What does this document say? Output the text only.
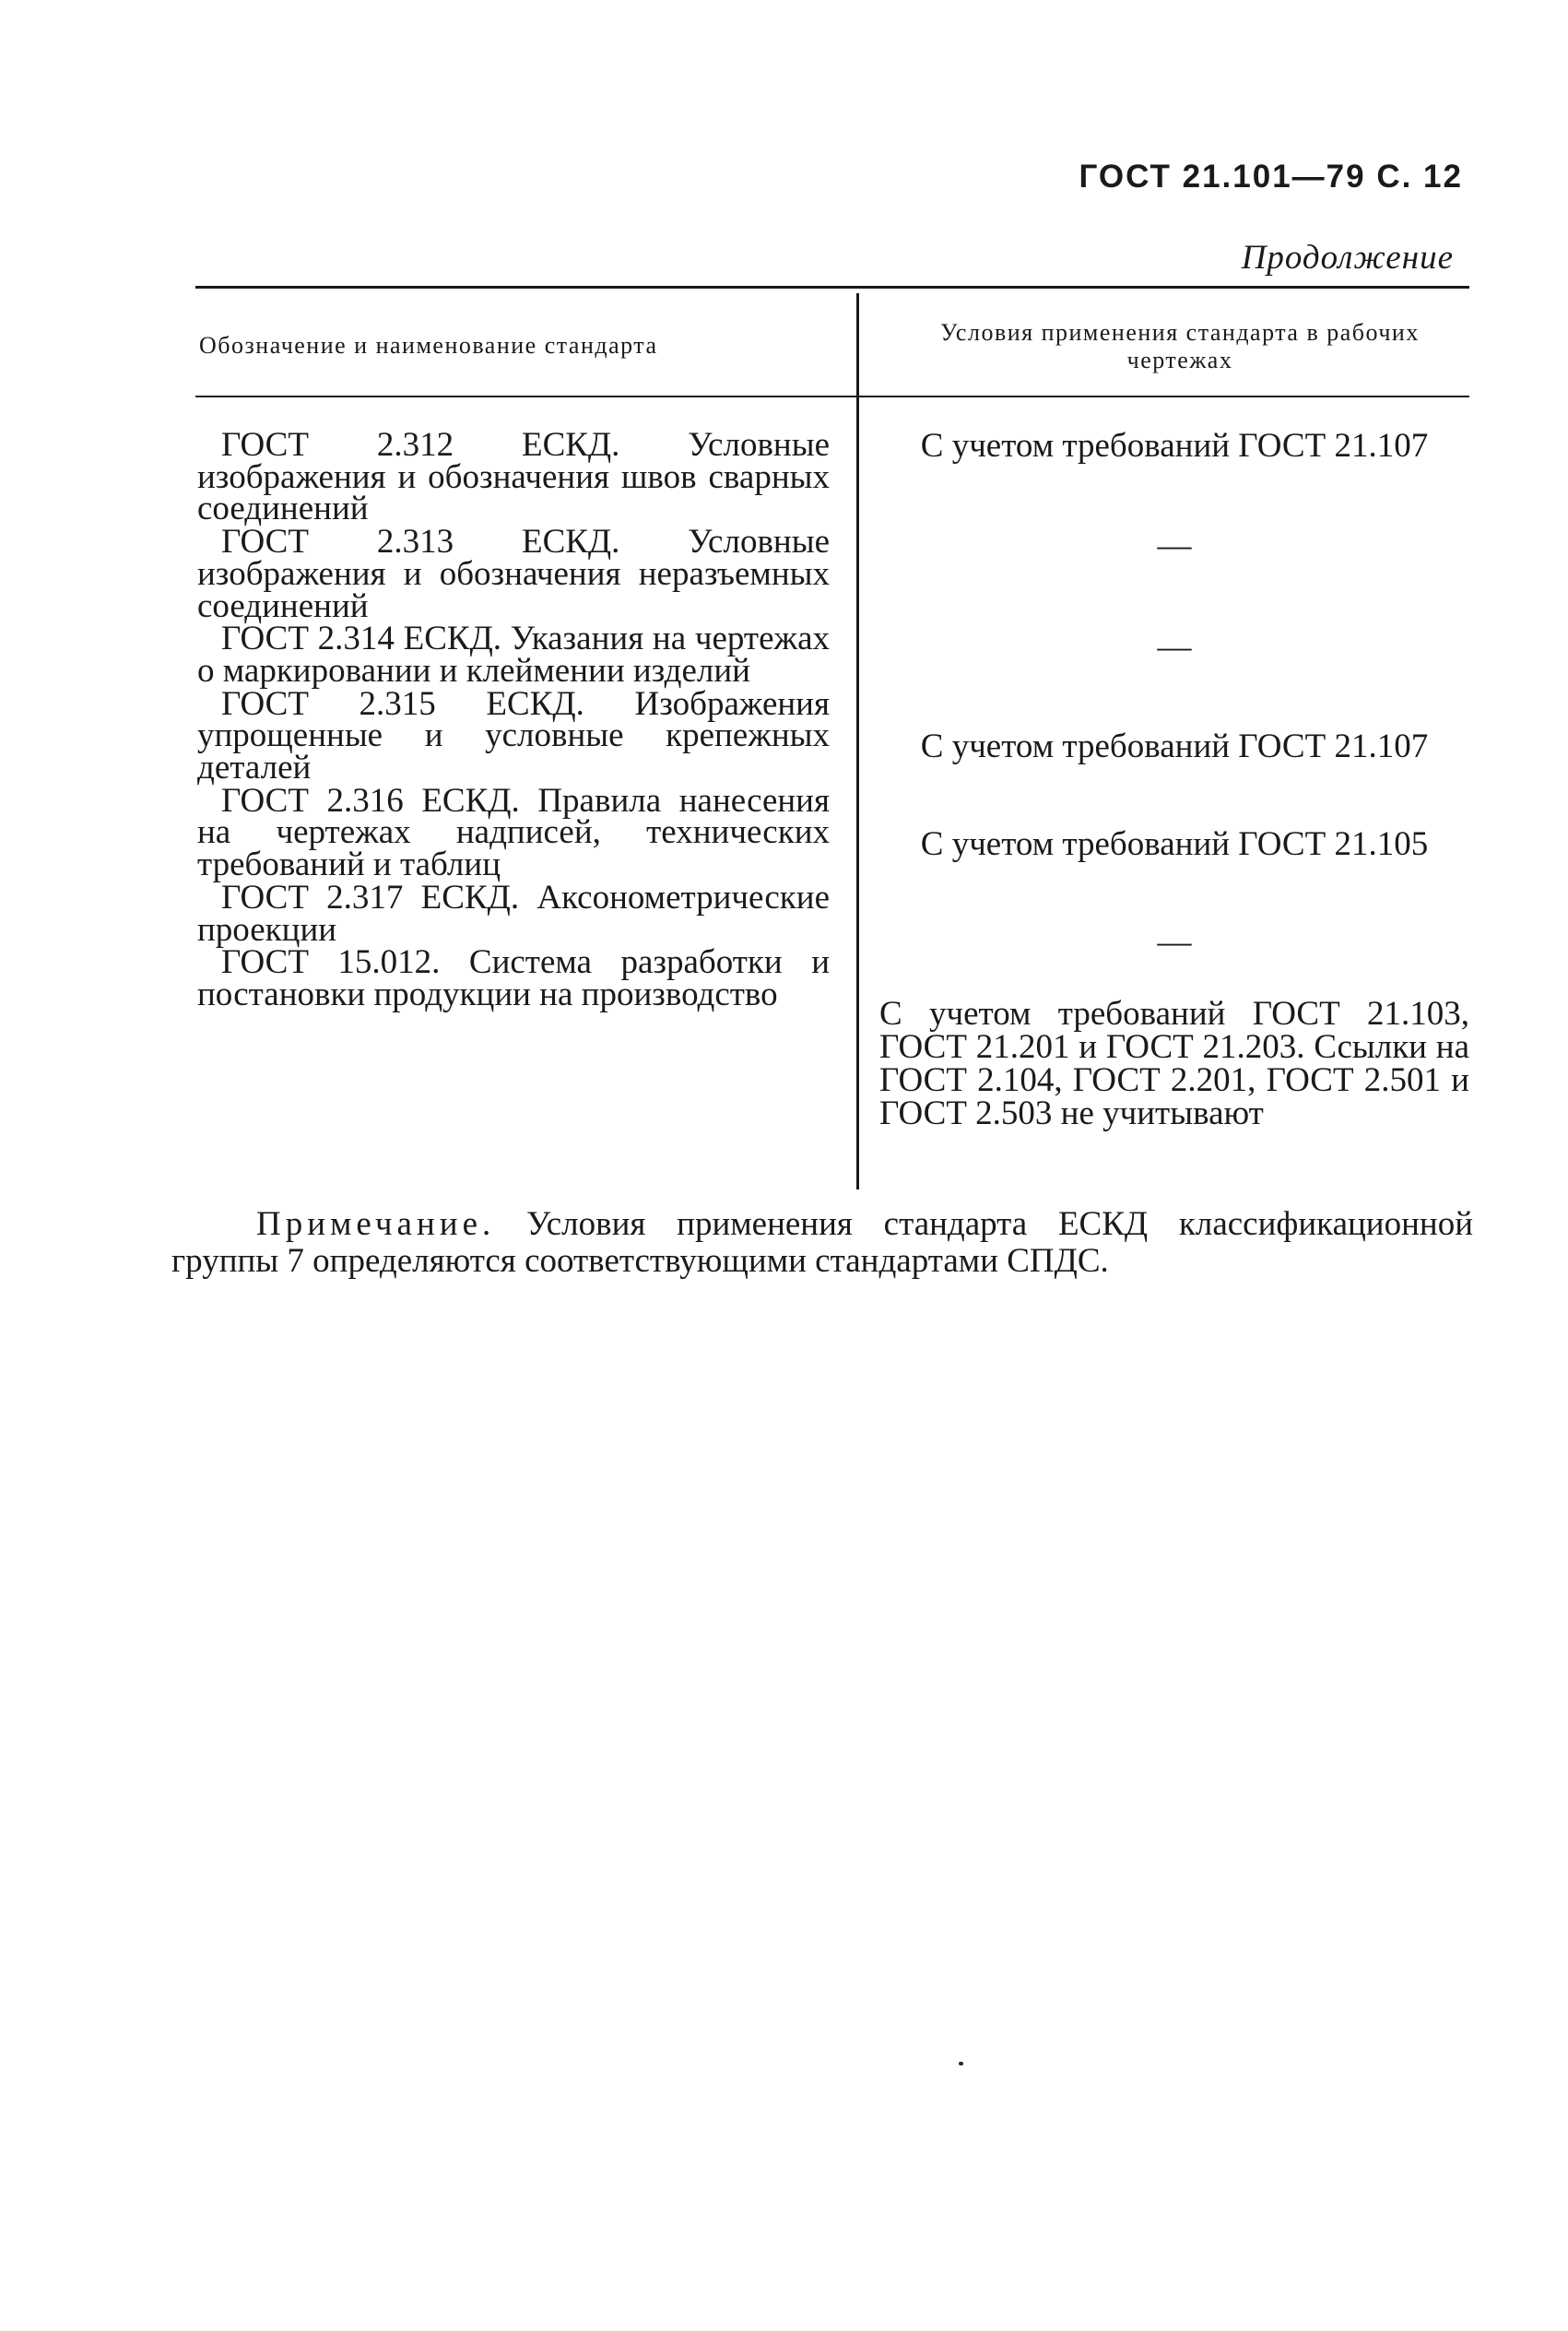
ГОСТ 21.101—79 С. 12
Продолжение
Обозначение и наименование стандарта	Условия применения стандарта в рабочих чертежах
ГОСТ 2.312 ЕСКД. Условные изображения и обозначения швов сварных соединений
ГОСТ 2.313 ЕСКД. Условные изображения и обозначения неразъемных соединений
ГОСТ 2.314 ЕСКД. Указания на чертежах о маркировании и клеймении изделий
ГОСТ 2.315 ЕСКД. Изображения упрощенные и условные крепежных деталей
ГОСТ 2.316 ЕСКД. Правила нанесения на чертежах надписей, технических требований и таблиц
ГОСТ 2.317 ЕСКД. Аксонометрические проекции
ГОСТ 15.012. Система разработки и постановки продукции на производство
С учетом требований ГОСТ 21.107
—
—
С учетом требований ГОСТ 21.107
С учетом требований ГОСТ 21.105
—
С учетом требований ГОСТ 21.103, ГОСТ 21.201 и ГОСТ 21.203. Ссылки на ГОСТ 2.104, ГОСТ 2.201, ГОСТ 2.501 и ГОСТ 2.503 не учитывают
Примечание. Условия применения стандарта ЕСКД классификационной группы 7 определяются соответствующими стандартами СПДС.
